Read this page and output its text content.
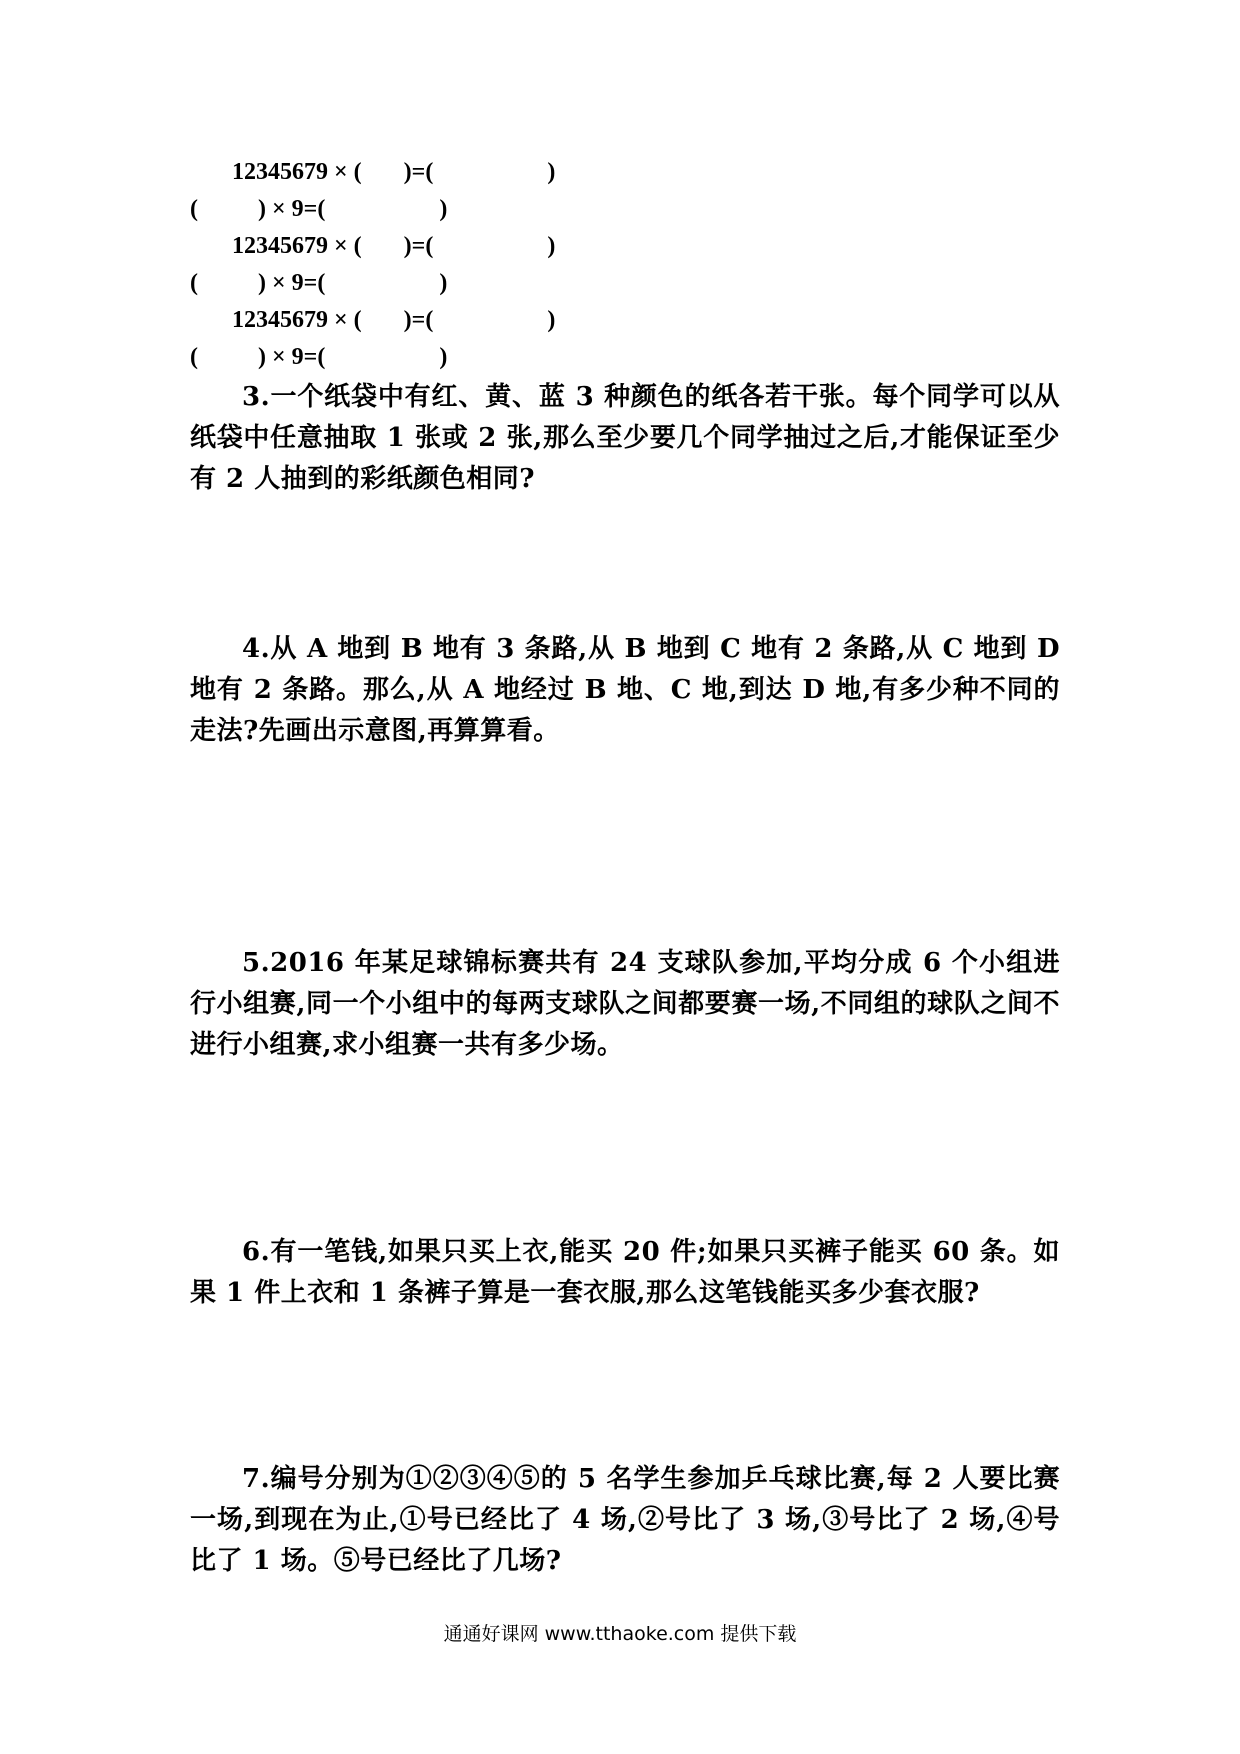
12345679 × (       )=(                   )
(          ) × 9=(                   )
12345679 × (       )=(                   )
(          ) × 9=(                   )
12345679 × (       )=(                   )
(          ) × 9=(                   )

3.一个纸袋中有红、黄、蓝 3 种颜色的纸各若干张。每个同学可以从纸袋中任意抽取 1 张或 2 张,那么至少要几个同学抽过之后,才能保证至少有 2 人抽到的彩纸颜色相同?

4.从 A 地到 B 地有 3 条路,从 B 地到 C 地有 2 条路,从 C 地到 D 地有 2 条路。那么,从 A 地经过 B 地、C 地,到达 D 地,有多少种不同的走法?先画出示意图,再算算看。

5.2016 年某足球锦标赛共有 24 支球队参加,平均分成 6 个小组进行小组赛,同一个小组中的每两支球队之间都要赛一场,不同组的球队之间不进行小组赛,求小组赛一共有多少场。

6.有一笔钱,如果只买上衣,能买 20 件;如果只买裤子能买 60 条。如果 1 件上衣和 1 条裤子算是一套衣服,那么这笔钱能买多少套衣服?

7.编号分别为①②③④⑤的 5 名学生参加乒乓球比赛,每 2 人要比赛一场,到现在为止,①号已经比了 4 场,②号比了 3 场,③号比了 2 场,④号比了 1 场。⑤号已经比了几场?

通通好课网 www.tthaoke.com 提供下载
